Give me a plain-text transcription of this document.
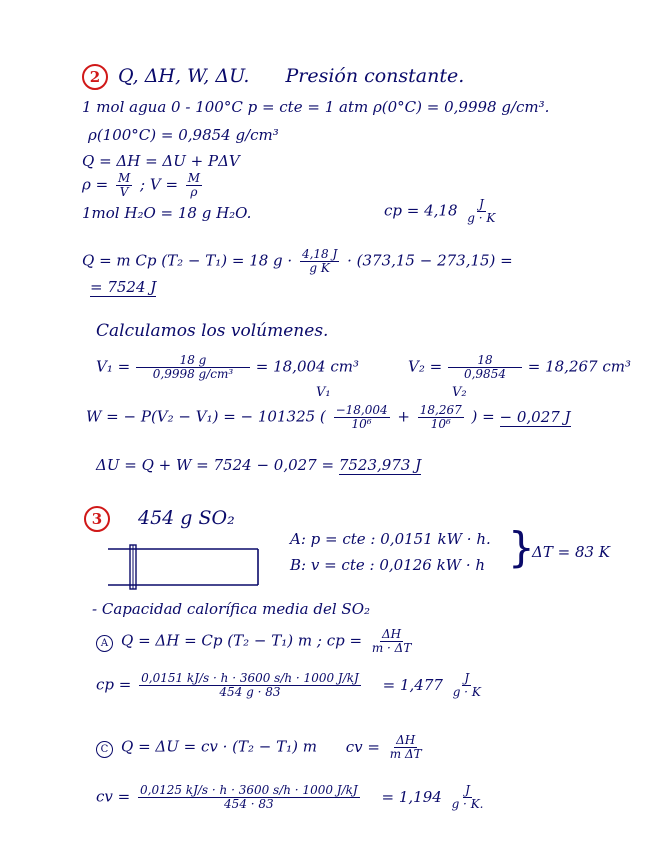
2 Q, ΔH, W, ΔU. Presión constante.
1 mol agua 0 - 100°C p = cte = 1 atm ρ(0°C) = 0,9998 g/cm³.
ρ(100°C) = 0,9854 g/cm³
Q = ΔH = ΔU + PΔV
$\rho = \frac{M}{V}$ ; $V = \frac{M}{\rho}$
1mol H₂O = 18 g H₂O.	cp = $4,18 \frac{J}{g \cdot K}$
Q = m Cp (T₂ − T₁) = 18 $g \cdot \frac{4,18 J}{\text{g K}} \cdot (373,15 - 273,15)$ =
= 7524 J
Calculamos los volúmenes.
$V_1 = \frac{18 g}{\text{0,9998 g/cm³}} = 18,004$ cm³	$V_2 = \frac{18}{0,9854} = 18,267$ cm³
V₁	V₂
W = − P(V₂ − V₁) = − 101325 ( $\frac{-18,004}{\text{10⁶}} + \frac{18,267}{\text{10⁶}}$ ) = − 0,027 J
ΔU = Q + W = 7524 − 0,027 = 7523,973 J
3 454 g SO₂
A: p = cte : 0,0151 kW · h.
B: v = cte : 0,0126 kW · h }
ΔT = 83 K
- Capacidad calorífica media del SO₂
A Q = ΔH = Cp (T₂ − T₁) m ; cp = $\frac{\Delta H}{m \cdot \Delta T}$
cp = $\frac{0,0151 kJ/s \cdot h \cdot 3600 s/h \cdot 1000 J/kJ}{454 g \cdot 83} = 1,477 \frac{J}{g \cdot K}$
C Q = ΔU = cv · (T₂ − T₁) m cv = $\frac{\Delta H}{\text{m ΔT}}$
cv = $\frac{0,0125 kJ/s \cdot h \cdot 3600 s/h \cdot 1000 J/kJ}{454 \cdot 83} = 1,194 \frac{J}{g \cdot K.}$
